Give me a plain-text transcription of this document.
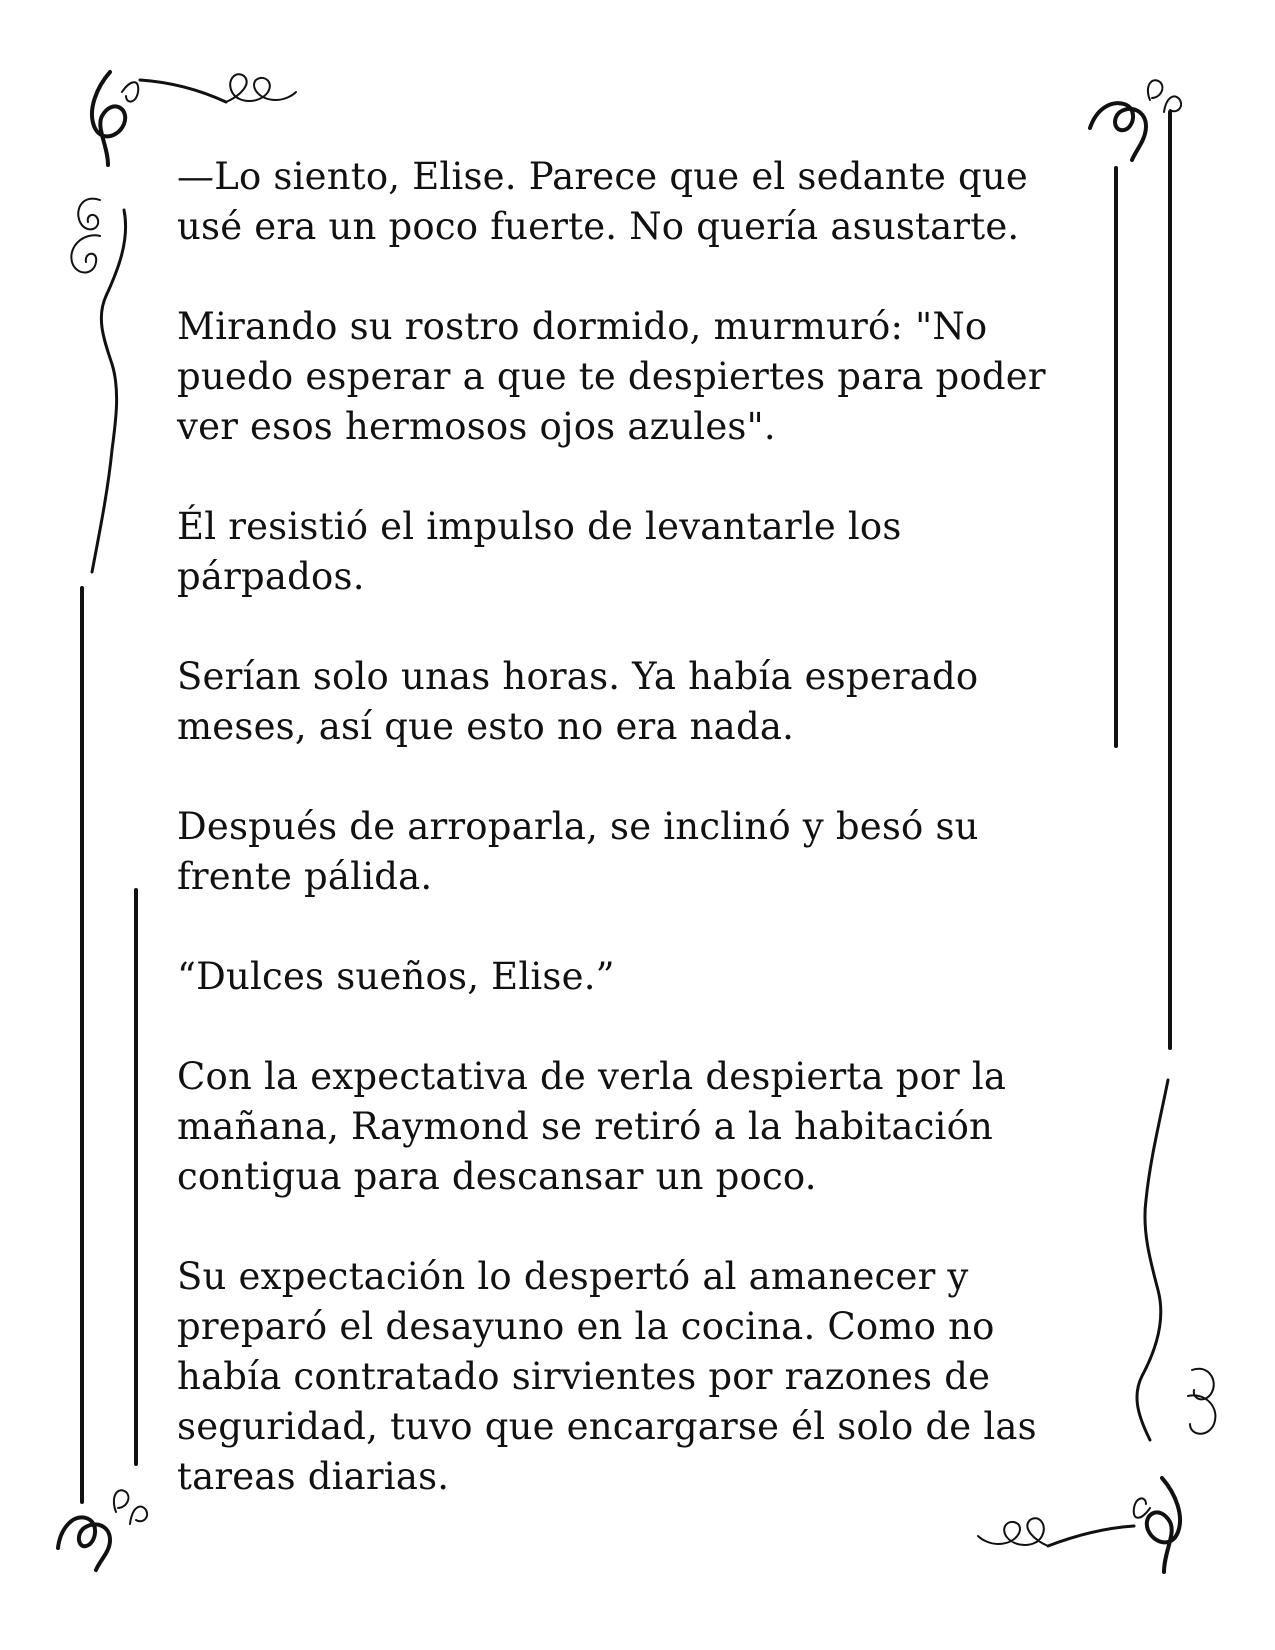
—Lo siento, Elise. Parece que el sedante que
usé era un poco fuerte. No quería asustarte.

Mirando su rostro dormido, murmuró: "No
puedo esperar a que te despiertes para poder
ver esos hermosos ojos azules".

Él resistió el impulso de levantarle los
párpados.

Serían solo unas horas. Ya había esperado
meses, así que esto no era nada.

Después de arroparla, se inclinó y besó su
frente pálida.

“Dulces sueños, Elise.”

Con la expectativa de verla despierta por la
mañana, Raymond se retiró a la habitación
contigua para descansar un poco.

Su expectación lo despertó al amanecer y
preparó el desayuno en la cocina. Como no
había contratado sirvientes por razones de
seguridad, tuvo que encargarse él solo de las
tareas diarias.
